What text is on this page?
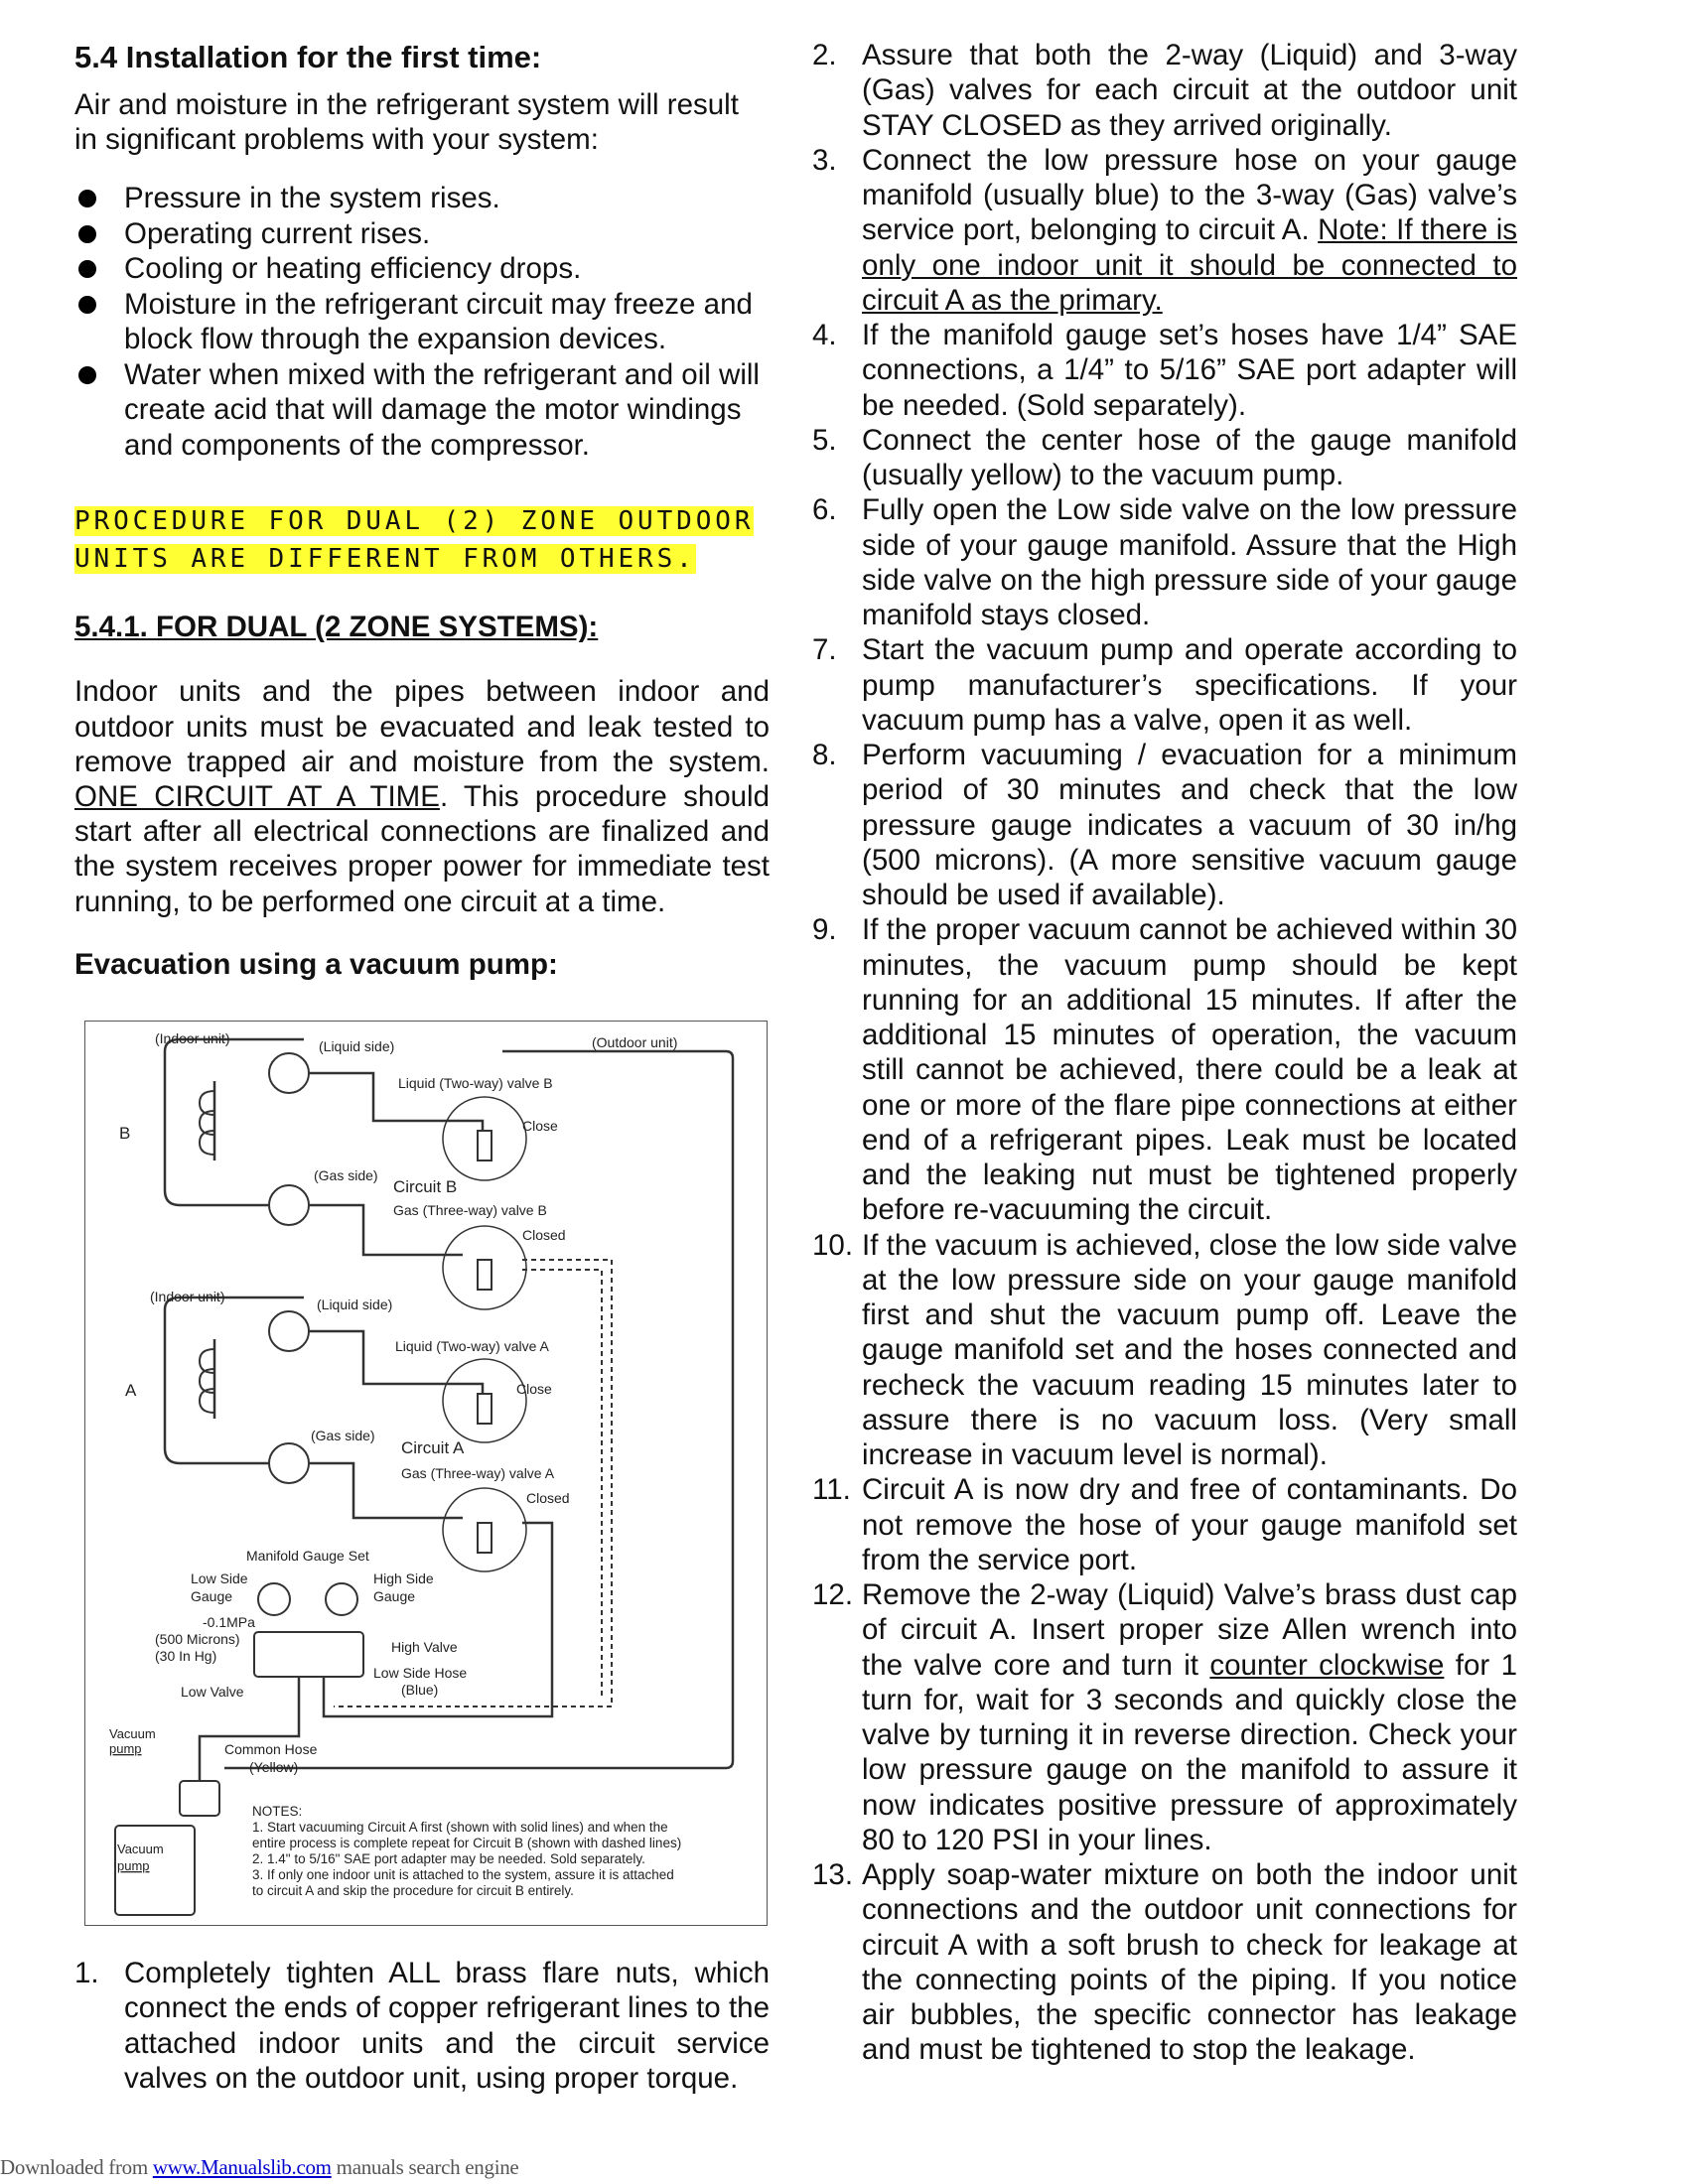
5.4 Installation for the first time:

Air and moisture in the refrigerant system will result in significant problems with your system:

Pressure in the system rises.
Operating current rises.
Cooling or heating efficiency drops.
Moisture in the refrigerant circuit may freeze and block flow through the expansion devices.
Water when mixed with the refrigerant and oil will create acid that will damage the motor windings and components of the compressor.
PROCEDURE FOR DUAL (2) ZONE OUTDOOR
UNITS ARE DIFFERENT FROM OTHERS.

5.4.1. FOR DUAL (2 ZONE SYSTEMS):

Indoor units and the pipes between indoor and outdoor units must be evacuated and leak tested to remove trapped air and moisture from the system. ONE CIRCUIT AT A TIME. This procedure should start after all electrical connections are finalized and the system receives proper power for immediate test running, to be performed one circuit at a time.

Evacuation using a vacuum pump:

(Indoor unit)	(Liquid side)	(Outdoor unit)
Liquid (Two-way) valve B
Close
B
(Gas side)
Circuit B
Gas (Three-way) valve B
Closed
(Indoor unit)	(Liquid side)
Liquid (Two-way) valve A
Close
A
(Gas side)
Circuit A
Gas (Three-way) valve A
Closed
Manifold Gauge Set
Low Side
Gauge
High Side
Gauge
-0.1MPa
(500 Microns)
(30 In Hg)
High Valve
Low Valve
Low Side Hose
(Blue)
Vacuum
pump	Common Hose
(Yellow)
Vacuum
pump
NOTES:
1. Start vacuuming Circuit A first (shown with solid lines) and when the
entire process is complete repeat for Circuit B (shown with dashed lines)
2. 1.4" to 5/16" SAE port adapter may be needed. Sold separately.
3. If only one indoor unit is attached to the system, assure it is attached
to circuit A and skip the procedure for circuit B entirely.
1. Completely tighten ALL brass flare nuts, which connect the ends of copper refrigerant lines to the attached indoor units and the circuit service valves on the outdoor unit, using proper torque.
2. Assure that both the 2-way (Liquid) and 3-way (Gas) valves for each circuit at the outdoor unit STAY CLOSED as they arrived originally.
3. Connect the low pressure hose on your gauge manifold (usually blue) to the 3-way (Gas) valve’s service port, belonging to circuit A. Note: If there is only one indoor unit it should be connected to circuit A as the primary.
4. If the manifold gauge set’s hoses have 1/4” SAE connections, a 1/4” to 5/16” SAE port adapter will be needed. (Sold separately).
5. Connect the center hose of the gauge manifold (usually yellow) to the vacuum pump.
6. Fully open the Low side valve on the low pressure side of your gauge manifold. Assure that the High side valve on the high pressure side of your gauge manifold stays closed.
7. Start the vacuum pump and operate according to pump manufacturer’s specifications. If your vacuum pump has a valve, open it as well.
8. Perform vacuuming / evacuation for a minimum period of 30 minutes and check that the low pressure gauge indicates a vacuum of 30 in/hg (500 microns). (A more sensitive vacuum gauge should be used if available).
9. If the proper vacuum cannot be achieved within 30 minutes, the vacuum pump should be kept running for an additional 15 minutes. If after the additional 15 minutes of operation, the vacuum still cannot be achieved, there could be a leak at one or more of the flare pipe connections at either end of a refrigerant pipes. Leak must be located and the leaking nut must be tightened properly before re-vacuuming the circuit.
10. If the vacuum is achieved, close the low side valve at the low pressure side on your gauge manifold first and shut the vacuum pump off. Leave the gauge manifold set and the hoses connected and recheck the vacuum reading 15 minutes later to assure there is no vacuum loss. (Very small increase in vacuum level is normal).
11. Circuit A is now dry and free of contaminants. Do not remove the hose of your gauge manifold set from the service port.
12. Remove the 2-way (Liquid) Valve’s brass dust cap of circuit A. Insert proper size Allen wrench into the valve core and turn it counter clockwise for 1 turn for, wait for 3 seconds and quickly close the valve by turning it in reverse direction. Check your low pressure gauge on the manifold to assure it now indicates positive pressure of approximately 80 to 120 PSI in your lines.
13. Apply soap-water mixture on both the indoor unit connections and the outdoor unit connections for circuit A with a soft brush to check for leakage at the connecting points of the piping. If you notice air bubbles, the specific connector has leakage and must be tightened to stop the leakage.
Downloaded from www.Manualslib.com manuals search engine
